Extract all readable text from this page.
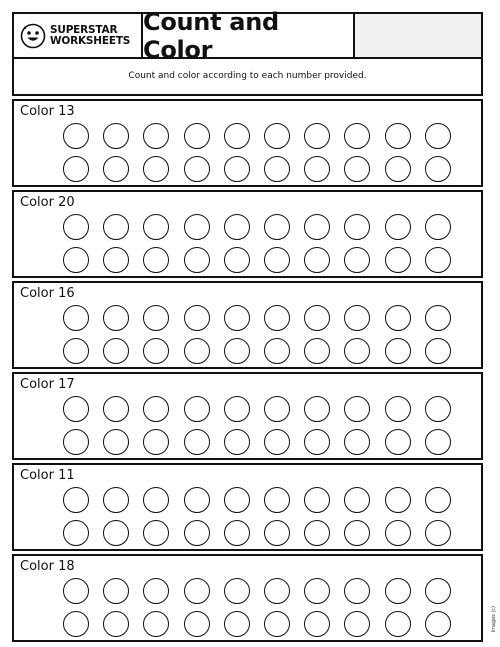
SUPERSTAR
WORKSHEETS
Count and Color
Count and color according to each number provided.
Color 13
Color 20
Color 16
Color 17
Color 11
Color 18
Images (c)
